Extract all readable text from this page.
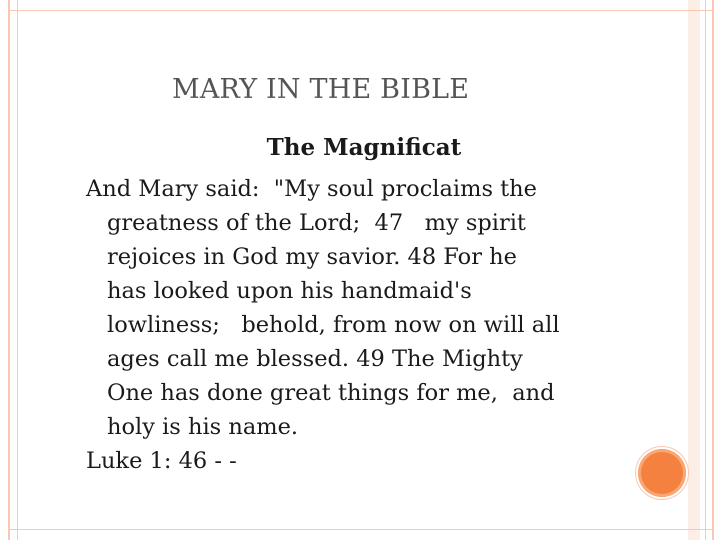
MARY IN THE BIBLE
The Magnificat
And Mary said:  "My soul proclaims the
greatness of the Lord;  47   my spirit
rejoices in God my savior. 48 For he
has looked upon his handmaid's
lowliness;   behold, from now on will all
ages call me blessed. 49 The Mighty
One has done great things for me,  and
holy is his name.
Luke 1: 46 - -
